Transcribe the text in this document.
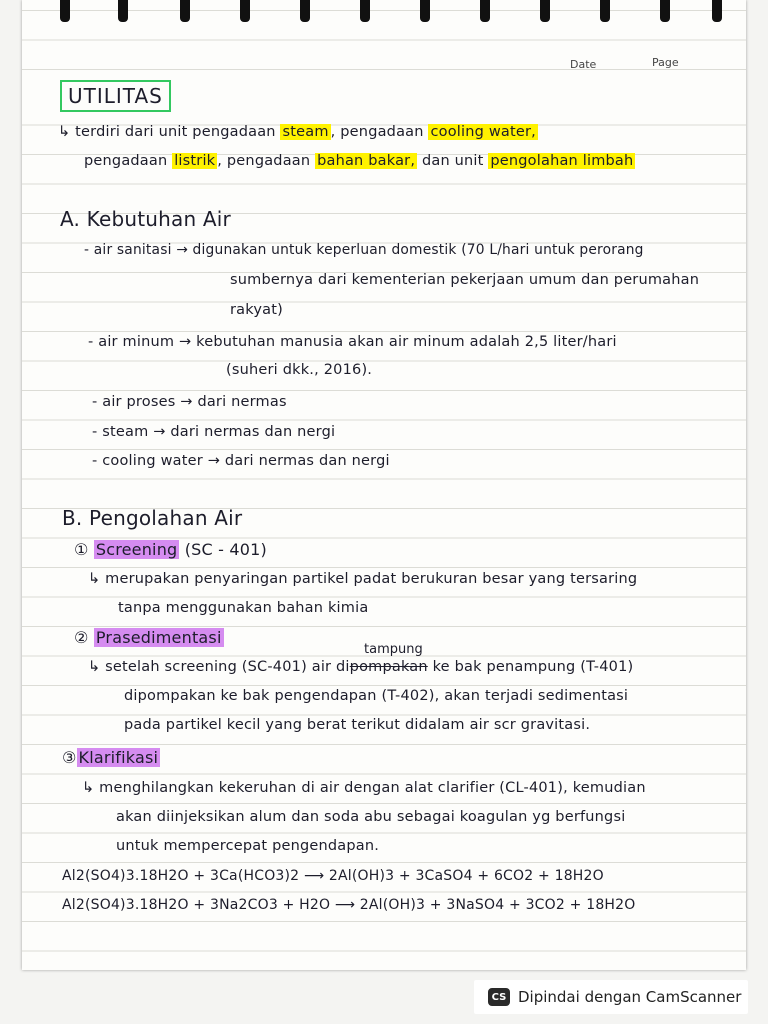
Date	Page
UTILITAS
↳ terdiri dari unit pengadaan steam , pengadaan cooling water,
pengadaan listrik , pengadaan bahan bakar, dan unit pengolahan limbah
A. Kebutuhan Air
- air sanitasi → digunakan untuk keperluan domestik (70 L/hari untuk perorang
sumbernya dari kementerian pekerjaan umum dan perumahan
rakyat)
- air minum → kebutuhan manusia akan air minum adalah 2,5 liter/hari
(suheri dkk., 2016).
- air proses → dari nermas
- steam → dari nermas dan nergi
- cooling water → dari nermas dan nergi
B. Pengolahan Air
① Screening (SC - 401)
↳ merupakan penyaringan partikel padat berukuran besar yang tersaring
tanpa menggunakan bahan kimia
② Prasedimentasi
tampung
↳ setelah screening (SC-401) air dipompakan ke bak penampung (T-401)
dipompakan ke bak pengendapan (T-402), akan terjadi sedimentasi
pada partikel kecil yang berat terikut didalam air scr gravitasi.
③ Klarifikasi
↳ menghilangkan kekeruhan di air dengan alat clarifier (CL-401), kemudian
akan diinjeksikan alum dan soda abu sebagai koagulan yg berfungsi
untuk mempercepat pengendapan.
Al2(SO4)3.18H2O + 3Ca(HCO3)2 ⟶ 2Al(OH)3 + 3CaSO4 + 6CO2 + 18H2O
Al2(SO4)3.18H2O + 3Na2CO3 + H2O ⟶ 2Al(OH)3 + 3NaSO4 + 3CO2 + 18H2O
CS Dipindai dengan CamScanner
